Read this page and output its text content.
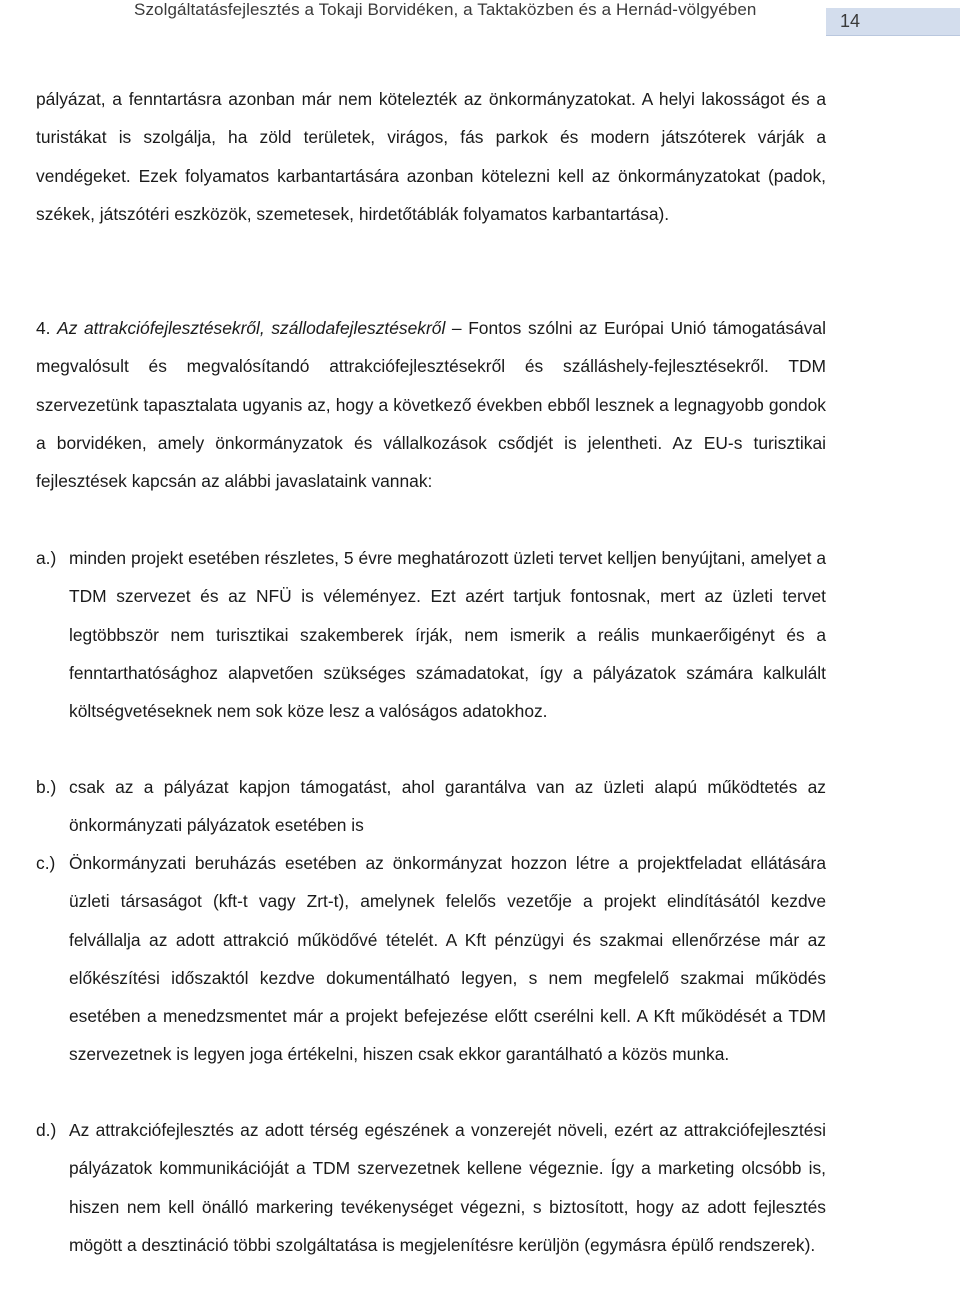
Szolgáltatásfejlesztés a Tokaji Borvidéken, a Taktaközben és a Hernád-völgyében
14

pályázat, a fenntartásra azonban már nem kötelezték az önkormányzatokat. A helyi lakosságot és a turistákat is szolgálja, ha zöld területek, virágos, fás parkok és modern játszóterek várják a vendégeket. Ezek folyamatos karbantartására azonban kötelezni kell az önkormányzatokat (padok, székek, játszótéri eszközök, szemetesek, hirdetőtáblák folyamatos karbantartása).

4. Az attrakciófejlesztésekről, szállodafejlesztésekről – Fontos szólni az Európai Unió támogatásával megvalósult és megvalósítandó attrakciófejlesztésekről és szálláshely-fejlesztésekről. TDM szervezetünk tapasztalata ugyanis az, hogy a következő években ebből lesznek a legnagyobb gondok a borvidéken, amely önkormányzatok és vállalkozások csődjét is jelentheti. Az EU-s turisztikai fejlesztések kapcsán az alábbi javaslataink vannak:

a.) minden projekt esetében részletes, 5 évre meghatározott üzleti tervet kelljen benyújtani, amelyet a TDM szervezet és az NFÜ is véleményez. Ezt azért tartjuk fontosnak, mert az üzleti tervet legtöbbször nem turisztikai szakemberek írják, nem ismerik a reális munkaerőigényt és a fenntarthatósághoz alapvetően szükséges számadatokat, így a pályázatok számára kalkulált költségvetéseknek nem sok köze lesz a valóságos adatokhoz.

b.) csak az a pályázat kapjon támogatást, ahol garantálva van az üzleti alapú működtetés az önkormányzati pályázatok esetében is

c.) Önkormányzati beruházás esetében az önkormányzat hozzon létre a projektfeladat ellátására üzleti társaságot (kft-t vagy Zrt-t), amelynek felelős vezetője a projekt elindításától kezdve felvállalja az adott attrakció működővé tételét. A Kft pénzügyi és szakmai ellenőrzése már az előkészítési időszaktól kezdve dokumentálható legyen, s nem megfelelő szakmai működés esetében a menedzsmentet már a projekt befejezése előtt cserélni kell. A Kft működését a TDM szervezetnek is legyen joga értékelni, hiszen csak ekkor garantálható a közös munka.

d.) Az attrakciófejlesztés az adott térség egészének a vonzerejét növeli, ezért az attrakciófejlesztési pályázatok kommunikációját a TDM szervezetnek kellene végeznie. Így a marketing olcsóbb is, hiszen nem kell önálló markering tevékenységet végezni, s biztosított, hogy az adott fejlesztés mögött a desztináció többi szolgáltatása is megjelenítésre kerüljön (egymásra épülő rendszerek).
